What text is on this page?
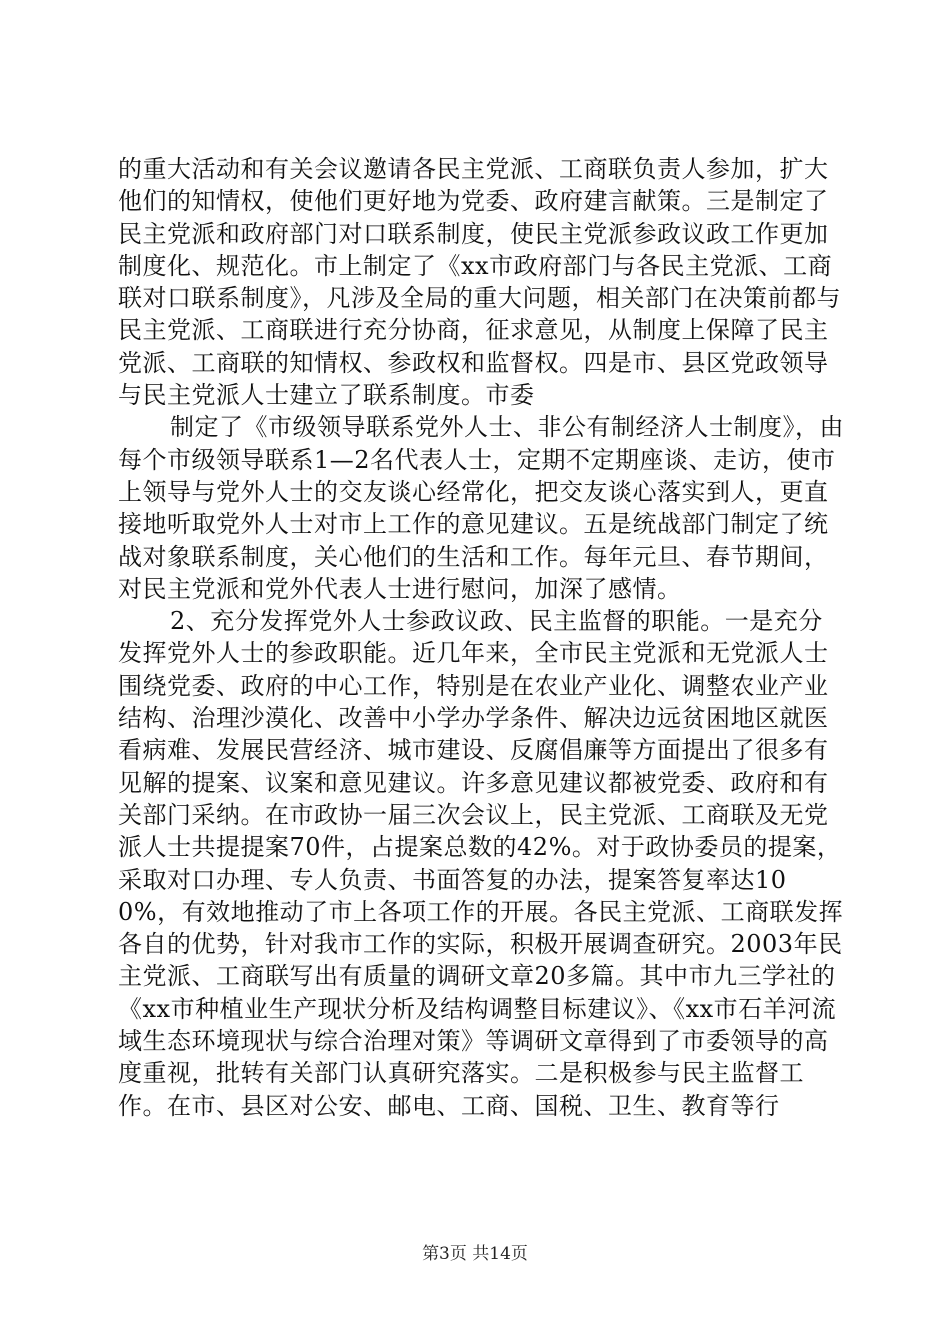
的重大活动和有关会议邀请各民主党派、工商联负责人参加，扩大他们的知情权，使他们更好地为党委、政府建言献策。三是制定了民主党派和政府部门对口联系制度，使民主党派参政议政工作更加制度化、规范化。市上制定了《xx市政府部门与各民主党派、工商联对口联系制度》，凡涉及全局的重大问题，相关部门在决策前都与民主党派、工商联进行充分协商，征求意见，从制度上保障了民主党派、工商联的知情权、参政权和监督权。四是市、县区党政领导与民主党派人士建立了联系制度。市委

制定了《市级领导联系党外人士、非公有制经济人士制度》，由每个市级领导联系1—2名代表人士，定期不定期座谈、走访，使市上领导与党外人士的交友谈心经常化，把交友谈心落实到人，更直接地听取党外人士对市上工作的意见建议。五是统战部门制定了统战对象联系制度，关心他们的生活和工作。每年元旦、春节期间，对民主党派和党外代表人士进行慰问，加深了感情。

2、充分发挥党外人士参政议政、民主监督的职能。一是充分发挥党外人士的参政职能。近几年来，全市民主党派和无党派人士围绕党委、政府的中心工作，特别是在农业产业化、调整农业产业结构、治理沙漠化、改善中小学办学条件、解决边远贫困地区就医看病难、发展民营经济、城市建设、反腐倡廉等方面提出了很多有见解的提案、议案和意见建议。许多意见建议都被党委、政府和有关部门采纳。在市政协一届三次会议上，民主党派、工商联及无党派人士共提提案70件，占提案总数的42%。对于政协委员的提案，采取对口办理、专人负责、书面答复的办法，提案答复率达100%，有效地推动了市上各项工作的开展。各民主党派、工商联发挥各自的优势，针对我市工作的实际，积极开展调查研究。2003年民主党派、工商联写出有质量的调研文章20多篇。其中市九三学社的《xx市种植业生产现状分析及结构调整目标建议》、《xx市石羊河流域生态环境现状与综合治理对策》等调研文章得到了市委领导的高度重视，批转有关部门认真研究落实。二是积极参与民主监督工作。在市、县区对公安、邮电、工商、国税、卫生、教育等行

第3页 共14页
